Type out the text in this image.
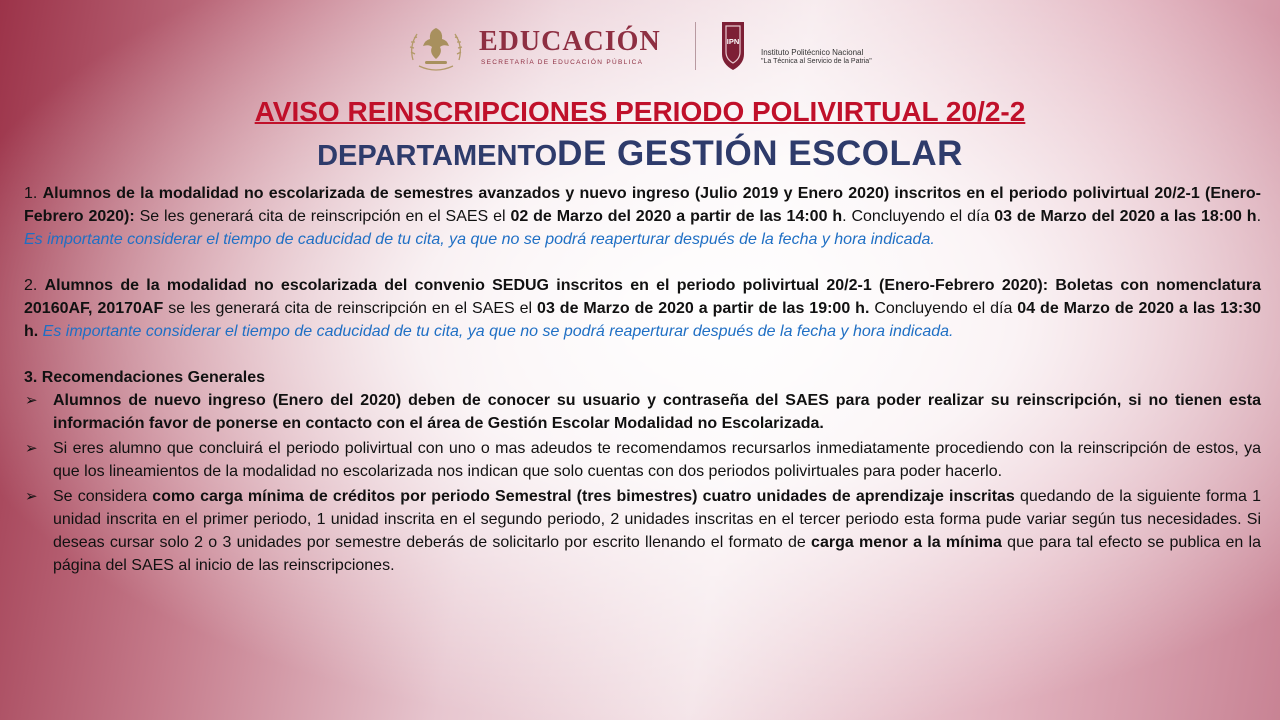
EDUCACIÓN
SECRETARÍA DE EDUCACIÓN PÚBLICA
IPN
Instituto Politécnico Nacional
"La Técnica al Servicio de la Patria"
AVISO REINSCRIPCIONES PERIODO POLIVIRTUAL 20/2-2
DEPARTAMENTODE GESTIÓN ESCOLAR

1. Alumnos de la modalidad no escolarizada de semestres avanzados y nuevo ingreso (Julio 2019 y Enero 2020) inscritos en el periodo polivirtual 20/2-1 (Enero-Febrero 2020): Se les generará cita de reinscripción en el SAES el 02 de Marzo del 2020 a partir de las 14:00 h. Concluyendo el día 03 de Marzo del 2020 a las 18:00 h. Es importante considerar el tiempo de caducidad de tu cita, ya que no se podrá reaperturar después de la fecha y hora indicada.

2. Alumnos de la modalidad no escolarizada del convenio SEDUG inscritos en el periodo polivirtual 20/2-1 (Enero-Febrero 2020): Boletas con nomenclatura 20160AF, 20170AF se les generará cita de reinscripción en el SAES el 03 de Marzo de 2020 a partir de las 19:00 h. Concluyendo el día 04 de Marzo de 2020 a las 13:30 h. Es importante considerar el tiempo de caducidad de tu cita, ya que no se podrá reaperturar después de la fecha y hora indicada.

3. Recomendaciones Generales

➢ Alumnos de nuevo ingreso (Enero del 2020) deben de conocer su usuario y contraseña del SAES para poder realizar su reinscripción, si no tienen esta información favor de ponerse en contacto con el área de Gestión Escolar Modalidad no Escolarizada.
➢ Si eres alumno que concluirá el periodo polivirtual con uno o mas adeudos te recomendamos recursarlos inmediatamente procediendo con la reinscripción de estos, ya que los lineamientos de la modalidad no escolarizada nos indican que solo cuentas con dos periodos polivirtuales para poder hacerlo.
➢ Se considera como carga mínima de créditos por periodo Semestral (tres bimestres) cuatro unidades de aprendizaje inscritas quedando de la siguiente forma 1 unidad inscrita en el primer periodo, 1 unidad inscrita en el segundo periodo, 2 unidades inscritas en el tercer periodo esta forma pude variar según tus necesidades. Si deseas cursar solo 2 o 3 unidades por semestre deberás de solicitarlo por escrito llenando el formato de carga menor a la mínima que para tal efecto se publica en la página del SAES al inicio de las reinscripciones.
